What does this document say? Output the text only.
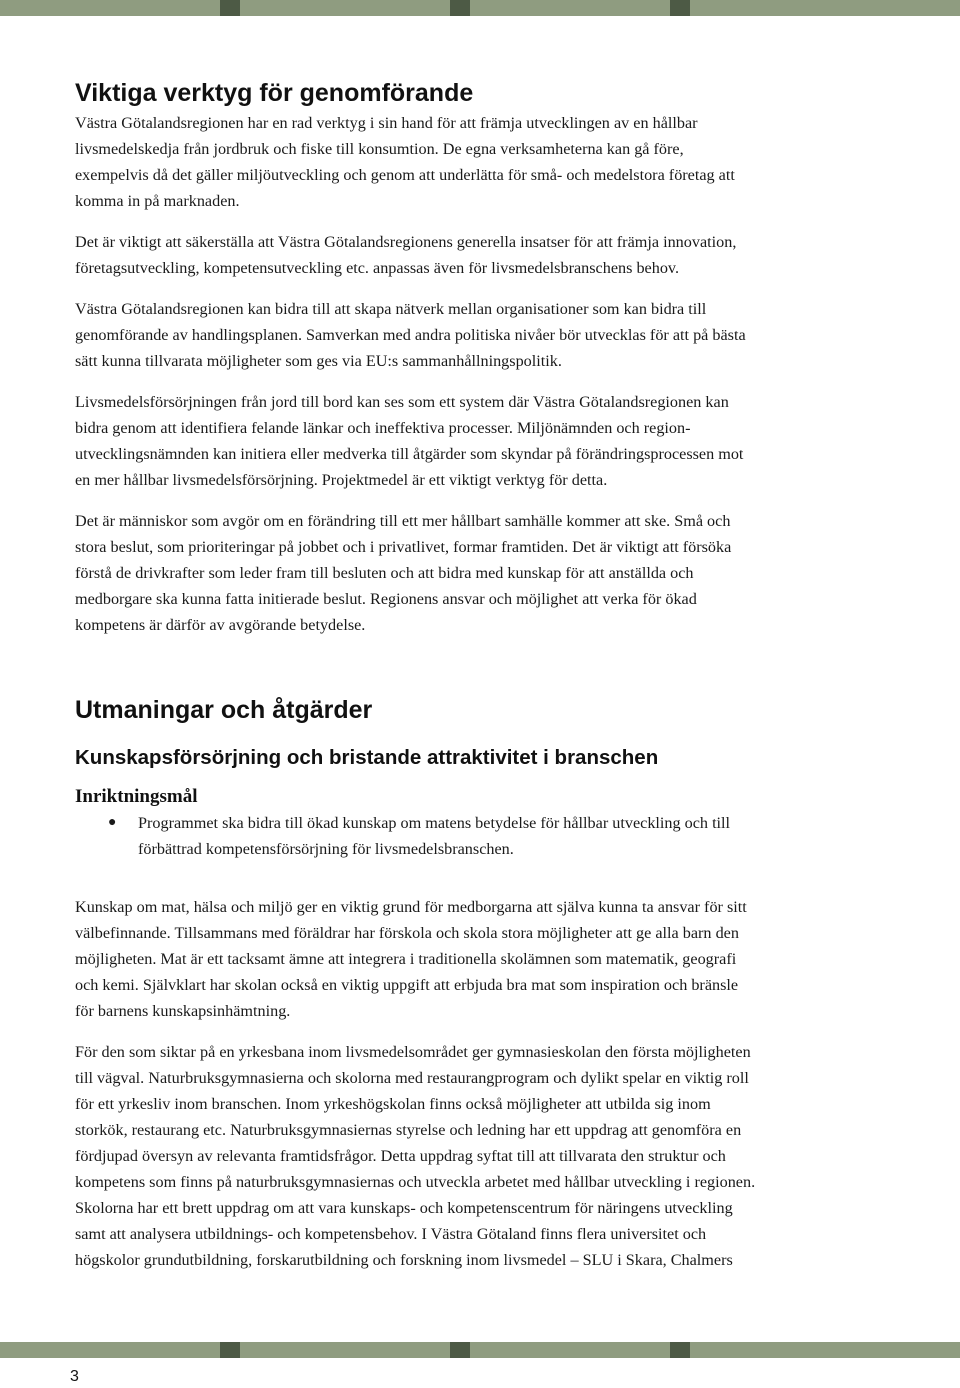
Viktiga verktyg för genomförande

Västra Götalandsregionen har en rad verktyg i sin hand för att främja utvecklingen av en hållbar
livsmedelskedja från jordbruk och fiske till konsumtion. De egna verksamheterna kan gå före,
exempelvis då det gäller miljöutveckling och genom att underlätta för små- och medelstora företag att
komma in på marknaden.

Det är viktigt att säkerställa att Västra Götalandsregionens generella insatser för att främja innovation,
företagsutveckling, kompetensutveckling etc. anpassas även för livsmedelsbranschens behov.

Västra Götalandsregionen kan bidra till att skapa nätverk mellan organisationer som kan bidra till
genomförande av handlingsplanen. Samverkan med andra politiska nivåer bör utvecklas för att på bästa
sätt kunna tillvarata möjligheter som ges via EU:s sammanhållningspolitik.

Livsmedelsförsörjningen från jord till bord kan ses som ett system där Västra Götalandsregionen kan
bidra genom att identifiera felande länkar och ineffektiva processer. Miljönämnden och region-
utvecklingsnämnden kan initiera eller medverka till åtgärder som skyndar på förändringsprocessen mot
en mer hållbar livsmedelsförsörjning. Projektmedel är ett viktigt verktyg för detta.

Det är människor som avgör om en förändring till ett mer hållbart samhälle kommer att ske. Små och
stora beslut, som prioriteringar på jobbet och i privatlivet, formar framtiden. Det är viktigt att försöka
förstå de drivkrafter som leder fram till besluten och att bidra med kunskap för att anställda och
medborgare ska kunna fatta initierade beslut. Regionens ansvar och möjlighet att verka för ökad
kompetens är därför av avgörande betydelse.

Utmaningar och åtgärder
Kunskapsförsörjning och bristande attraktivitet i branschen
Inriktningsmål
● Programmet ska bidra till ökad kunskap om matens betydelse för hållbar utveckling och till
förbättrad kompetensförsörjning för livsmedelsbranschen.

Kunskap om mat, hälsa och miljö ger en viktig grund för medborgarna att själva kunna ta ansvar för sitt
välbefinnande. Tillsammans med föräldrar har förskola och skola stora möjligheter att ge alla barn den
möjligheten. Mat är ett tacksamt ämne att integrera i traditionella skolämnen som matematik, geografi
och kemi. Självklart har skolan också en viktig uppgift att erbjuda bra mat som inspiration och bränsle
för barnens kunskapsinhämtning.

För den som siktar på en yrkesbana inom livsmedelsområdet ger gymnasieskolan den första möjligheten
till vägval. Naturbruksgymnasierna och skolorna med restaurangprogram och dylikt spelar en viktig roll
för ett yrkesliv inom branschen. Inom yrkeshögskolan finns också möjligheter att utbilda sig inom
storkök, restaurang etc. Naturbruksgymnasiernas styrelse och ledning har ett uppdrag att genomföra en
fördjupad översyn av relevanta framtidsfrågor. Detta uppdrag syftat till att tillvarata den struktur och
kompetens som finns på naturbruksgymnasiernas och utveckla arbetet med hållbar utveckling i regionen.
Skolorna har ett brett uppdrag om att vara kunskaps- och kompetenscentrum för näringens utveckling
samt att analysera utbildnings- och kompetensbehov. I Västra Götaland finns flera universitet och
högskolor grundutbildning, forskarutbildning och forskning inom livsmedel – SLU i Skara, Chalmers

3
